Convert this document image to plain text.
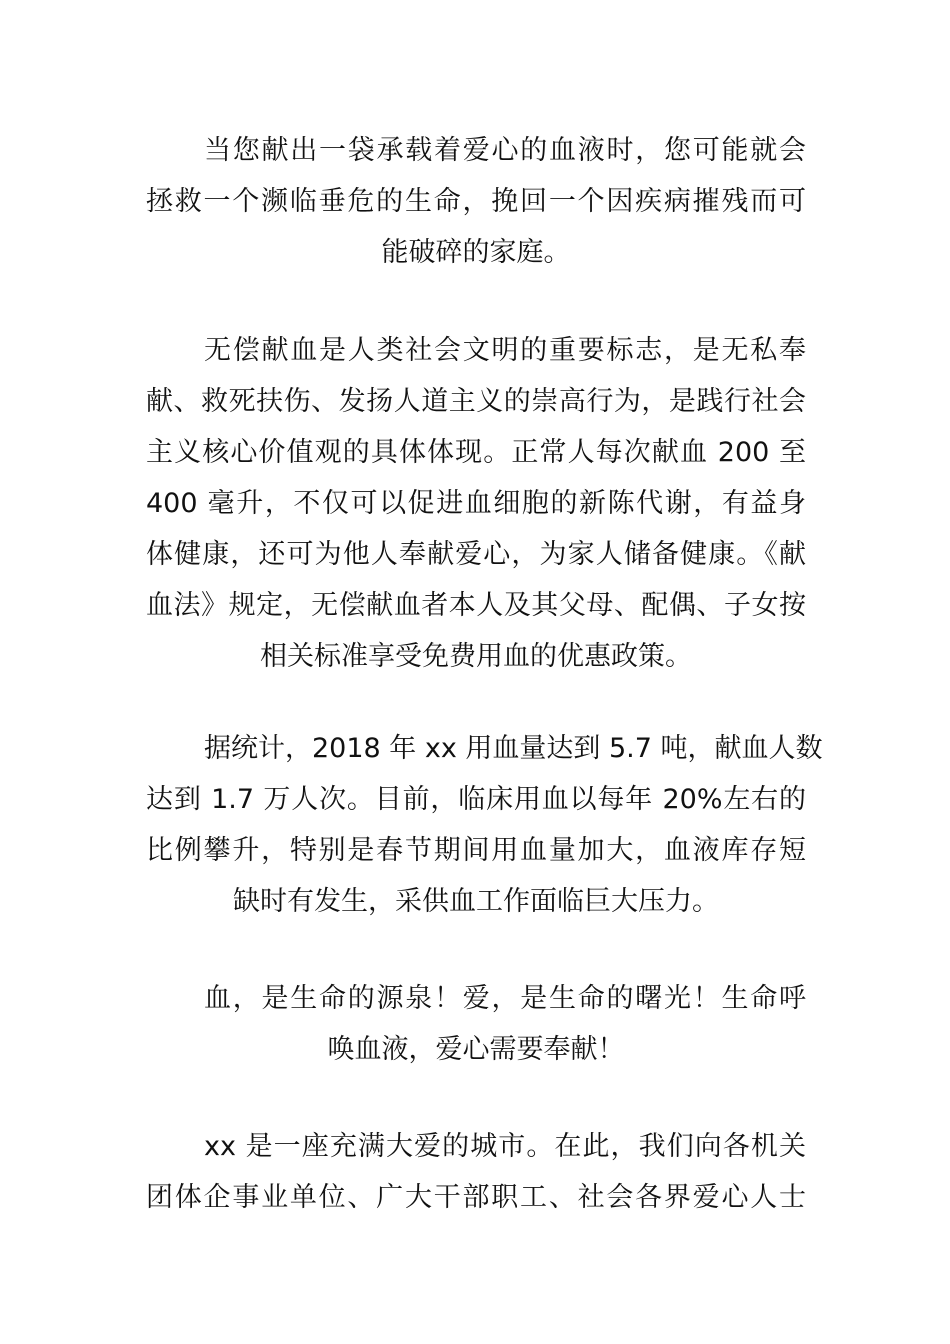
当您献出一袋承载着爱心的血液时，您可能就会
拯救一个濒临垂危的生命，挽回一个因疾病摧残而可
能破碎的家庭。
无偿献血是人类社会文明的重要标志，是无私奉
献、救死扶伤、发扬人道主义的崇高行为，是践行社会
主义核心价值观的具体体现。正常人每次献血 200 至
400 毫升，不仅可以促进血细胞的新陈代谢，有益身
体健康，还可为他人奉献爱心，为家人储备健康。《献
血法》规定，无偿献血者本人及其父母、配偶、子女按
相关标准享受免费用血的优惠政策。
据统计，2018 年 xx 用血量达到 5.7 吨，献血人数
达到 1.7 万人次。目前，临床用血以每年 20%左右的
比例攀升，特别是春节期间用血量加大，血液库存短
缺时有发生，采供血工作面临巨大压力。
血，是生命的源泉！爱，是生命的曙光！生命呼
唤血液，爱心需要奉献！
xx 是一座充满大爱的城市。在此，我们向各机关
团体企事业单位、广大干部职工、社会各界爱心人士
